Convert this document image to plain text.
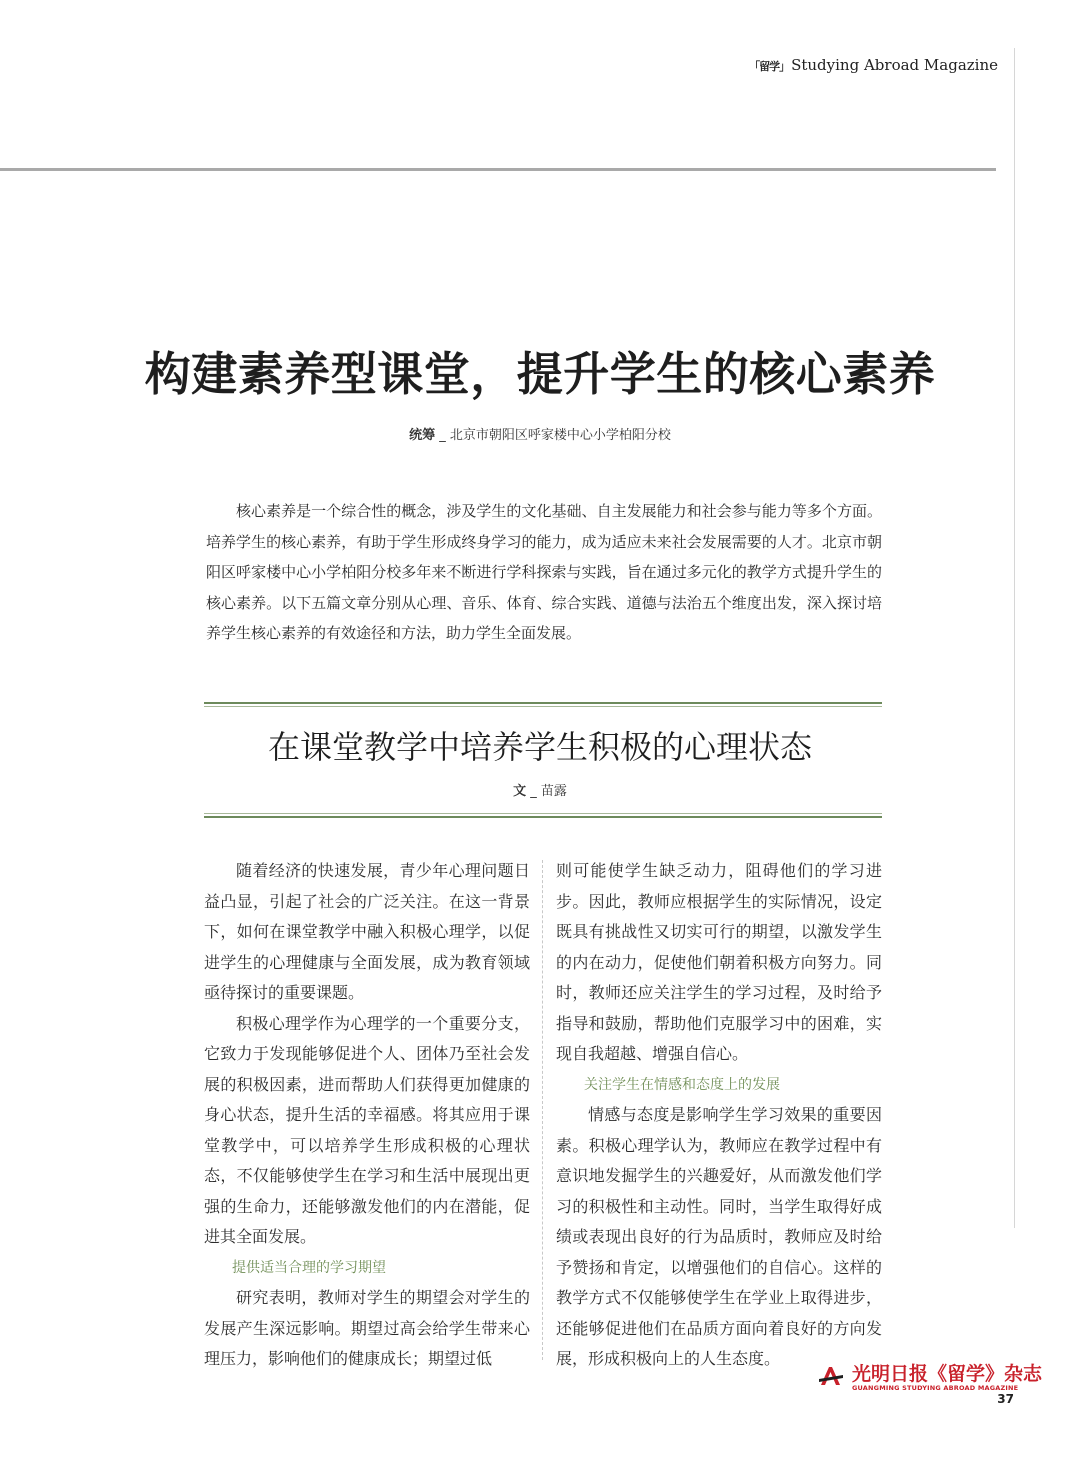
「留学」 Studying Abroad Magazine
构建素养型课堂，提升学生的核心素养
统筹 _ 北京市朝阳区呼家楼中心小学柏阳分校
核心素养是一个综合性的概念，涉及学生的文化基础、自主发展能力和社会参与能力等多个方面。培养学生的核心素养，有助于学生形成终身学习的能力，成为适应未来社会发展需要的人才。北京市朝阳区呼家楼中心小学柏阳分校多年来不断进行学科探索与实践，旨在通过多元化的教学方式提升学生的核心素养。以下五篇文章分别从心理、音乐、体育、综合实践、道德与法治五个维度出发，深入探讨培养学生核心素养的有效途径和方法，助力学生全面发展。
在课堂教学中培养学生积极的心理状态
文 _ 苗露

随着经济的快速发展，青少年心理问题日益凸显，引起了社会的广泛关注。在这一背景下，如何在课堂教学中融入积极心理学，以促进学生的心理健康与全面发展，成为教育领域亟待探讨的重要课题。

积极心理学作为心理学的一个重要分支，它致力于发现能够促进个人、团体乃至社会发展的积极因素，进而帮助人们获得更加健康的身心状态，提升生活的幸福感。将其应用于课堂教学中，可以培养学生形成积极的心理状态，不仅能够使学生在学习和生活中展现出更强的生命力，还能够激发他们的内在潜能，促进其全面发展。

提供适当合理的学习期望

研究表明，教师对学生的期望会对学生的发展产生深远影响。期望过高会给学生带来心理压力，影响他们的健康成长；期望过低

则可能使学生缺乏动力，阻碍他们的学习进步。因此，教师应根据学生的实际情况，设定既具有挑战性又切实可行的期望，以激发学生的内在动力，促使他们朝着积极方向努力。同时，教师还应关注学生的学习过程，及时给予指导和鼓励，帮助他们克服学习中的困难，实现自我超越、增强自信心。

关注学生在情感和态度上的发展

情感与态度是影响学生学习效果的重要因素。积极心理学认为，教师应在教学过程中有意识地发掘学生的兴趣爱好，从而激发他们学习的积极性和主动性。同时，当学生取得好成绩或表现出良好的行为品质时，教师应及时给予赞扬和肯定，以增强他们的自信心。这样的教学方式不仅能够使学生在学业上取得进步，还能够促进他们在品质方面向着良好的方向发展，形成积极向上的人生态度。

光明日报《留学》杂志
GUANGMING STUDYING ABROAD MAGAZINE
37
